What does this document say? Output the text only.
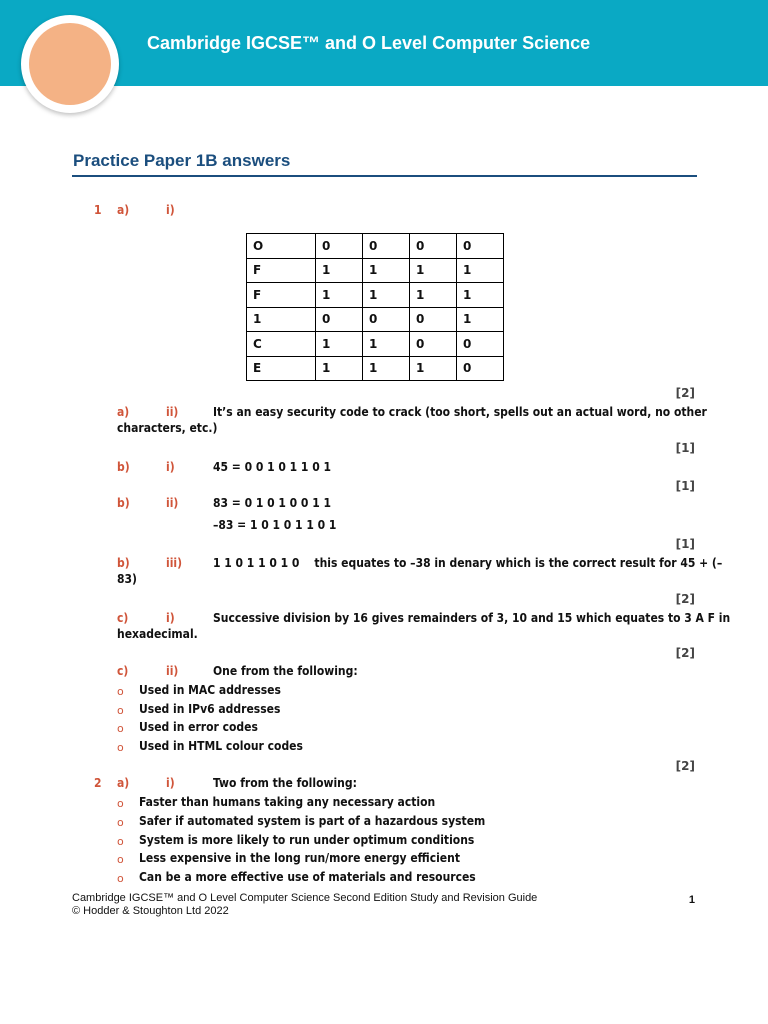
Cambridge IGCSE™ and O Level Computer Science
Practice Paper 1B answers
1 a)	i)
O	0	0	0	0
F	1	1	1	1
F	1	1	1	1
1	0	0	0	1
C	1	1	0	0
E	1	1	1	0
[2]
a)	ii)	It’s an easy security code to crack (too short, spells out an actual word, no other
characters, etc.)
[1]
b)	i)	45 = 0 0 1 0 1 1 0 1
[1]
b)	ii)	83 = 0 1 0 1 0 0 1 1
–83 = 1 0 1 0 1 1 0 1
[1]
b)	iii)	1 1 0 1 1 0 1 0    this equates to –38 in denary which is the correct result for 45 + (–
83)
[2]
c)	i)	Successive division by 16 gives remainders of 3, 10 and 15 which equates to 3 A F in
hexadecimal.
[2]
c)	ii)	One from the following:
o Used in MAC addresses
o Used in IPv6 addresses
o Used in error codes
o Used in HTML colour codes
[2]
2 a)	i)	Two from the following:
o Faster than humans taking any necessary action
o Safer if automated system is part of a hazardous system
o System is more likely to run under optimum conditions
o Less expensive in the long run/more energy efficient
o Can be a more effective use of materials and resources
Cambridge IGCSE™ and O Level Computer Science Second Edition Study and Revision Guide
© Hodder & Stoughton Ltd 2022
1
